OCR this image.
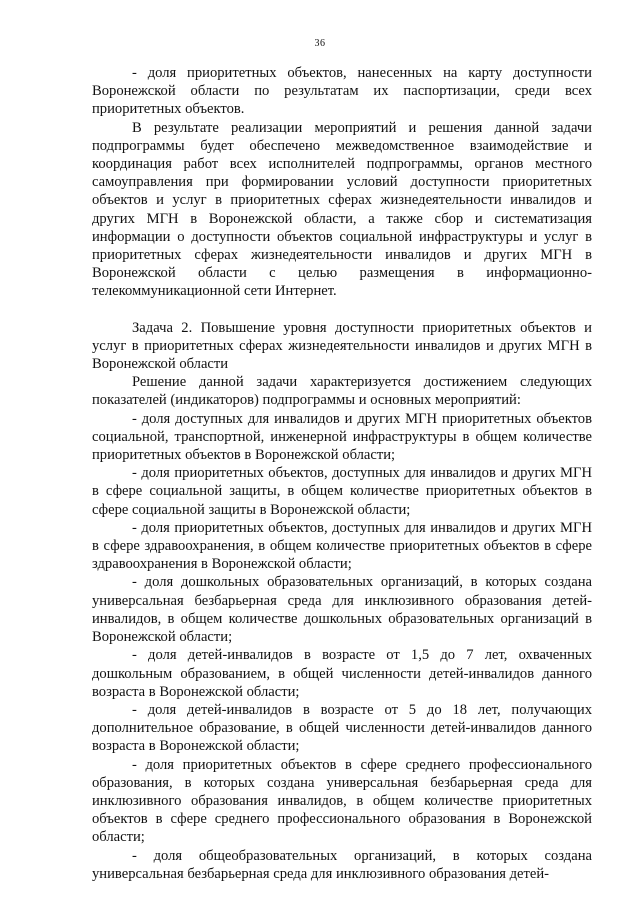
36

- доля приоритетных объектов, нанесенных на карту доступности Воронежской области по результатам их паспортизации, среди всех приоритетных объектов.

В результате реализации мероприятий и решения данной задачи подпрограммы будет обеспечено межведомственное взаимодействие и координация работ всех исполнителей подпрограммы, органов местного самоуправления при формировании условий доступности приоритетных объектов и услуг в приоритетных сферах жизнедеятельности инвалидов и других МГН в Воронежской области, а также сбор и систематизация информации о доступности объектов социальной инфраструктуры и услуг в приоритетных сферах жизнедеятельности инвалидов и других МГН в Воронежской области с целью размещения в информационно-телекоммуникационной сети Интернет.

Задача 2. Повышение уровня доступности приоритетных объектов и услуг в приоритетных сферах жизнедеятельности инвалидов и других МГН в Воронежской области

Решение данной задачи характеризуется достижением следующих показателей (индикаторов) подпрограммы и основных мероприятий:

- доля доступных для инвалидов и других МГН приоритетных объектов социальной, транспортной, инженерной инфраструктуры в общем количестве приоритетных объектов в Воронежской области;

- доля приоритетных объектов, доступных для инвалидов и других МГН в сфере социальной защиты, в общем количестве приоритетных объектов в сфере социальной защиты в Воронежской области;

- доля приоритетных объектов, доступных для инвалидов и других МГН в сфере здравоохранения, в общем количестве приоритетных объектов в сфере здравоохранения в Воронежской области;

- доля дошкольных образовательных организаций, в которых создана универсальная безбарьерная среда для инклюзивного образования детей-инвалидов, в общем количестве дошкольных образовательных организаций в Воронежской области;

- доля детей-инвалидов в возрасте от 1,5 до 7 лет, охваченных дошкольным образованием, в общей численности детей-инвалидов данного возраста в Воронежской области;

- доля детей-инвалидов в возрасте от 5 до 18 лет, получающих дополнительное образование, в общей численности детей-инвалидов данного возраста в Воронежской области;

- доля приоритетных объектов в сфере среднего профессионального образования, в которых создана универсальная безбарьерная среда для инклюзивного образования инвалидов, в общем количестве приоритетных объектов в сфере среднего профессионального образования в Воронежской области;

- доля общеобразовательных организаций, в которых создана универсальная безбарьерная среда для инклюзивного образования детей-
